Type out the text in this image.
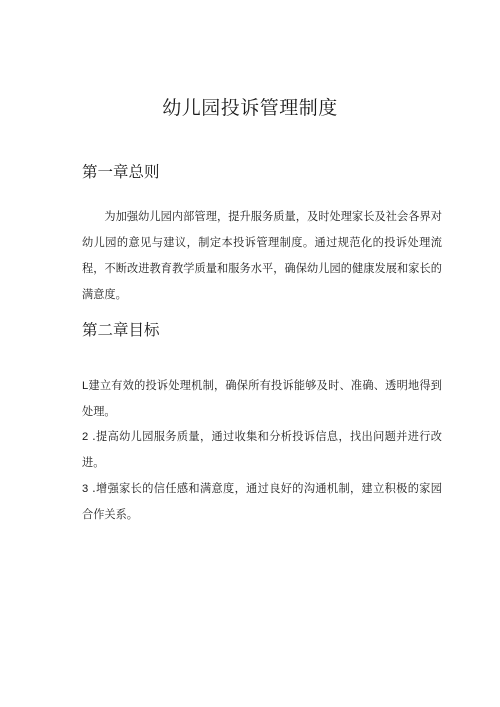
幼儿园投诉管理制度
第一章总则
为加强幼儿园内部管理，提升服务质量，及时处理家长及社会各界对幼儿园的意见与建议，制定本投诉管理制度。通过规范化的投诉处理流程，不断改进教育教学质量和服务水平，确保幼儿园的健康发展和家长的满意度。
第二章目标
L建立有效的投诉处理机制，确保所有投诉能够及时、准确、透明地得到处理。
2 .提高幼儿园服务质量，通过收集和分析投诉信息，找出问题并进行改进。
3 .增强家长的信任感和满意度，通过良好的沟通机制，建立积极的家园合作关系。
